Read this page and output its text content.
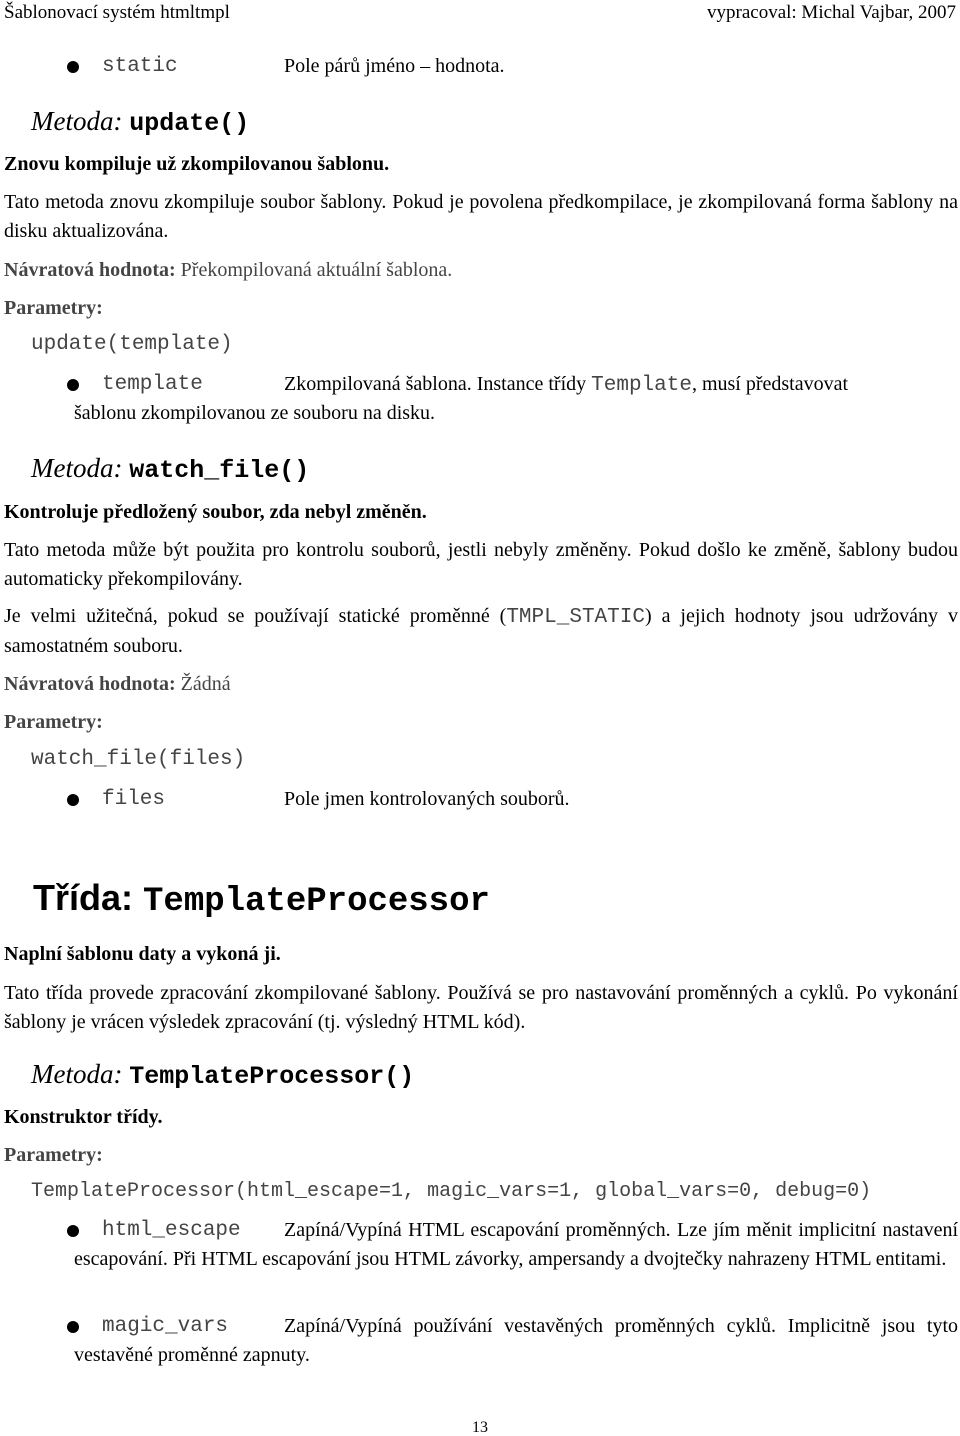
Šablonovací systém htmltmpl	vypracoval: Michal Vajbar, 2007
static	Pole párů jméno – hodnota.
Metoda: update()
Znovu kompiluje už zkompilovanou šablonu.
Tato metoda znovu zkompiluje soubor šablony. Pokud je povolena předkompilace, je zkompilovaná forma šablony na disku aktualizována.
Návratová hodnota: Překompilovaná aktuální šablona.
Parametry:
update(template)
template	Zkompilovaná šablona. Instance třídy Template, musí představovat
šablonu zkompilovanou ze souboru na disku.
Metoda: watch_file()
Kontroluje předložený soubor, zda nebyl změněn.
Tato metoda může být použita pro kontrolu souborů, jestli nebyly změněny. Pokud došlo ke změně, šablony budou automaticky překompilovány.
Je velmi užitečná, pokud se používají statické proměnné (TMPL_STATIC) a jejich hodnoty jsou udržovány v samostatném souboru.
Návratová hodnota: Žádná
Parametry:
watch_file(files)
files	Pole jmen kontrolovaných souborů.
Třída: TemplateProcessor
Naplní šablonu daty a vykoná ji.
Tato třída provede zpracování zkompilované šablony. Používá se pro nastavování proměnných a cyklů. Po vykonání šablony je vrácen výsledek zpracování (tj. výsledný HTML kód).
Metoda: TemplateProcessor()
Konstruktor třídy.
Parametry:
TemplateProcessor(html_escape=1, magic_vars=1, global_vars=0, debug=0)
html_escape Zapíná/Vypíná HTML escapování proměnných. Lze jím měnit implicitní nastavení escapování. Při HTML escapování jsou HTML závorky, ampersandy a dvojtečky nahrazeny HTML entitami.
magic_vars	Zapíná/Vypíná používání vestavěných proměnných cyklů. Implicitně jsou tyto vestavěné proměnné zapnuty.
13
